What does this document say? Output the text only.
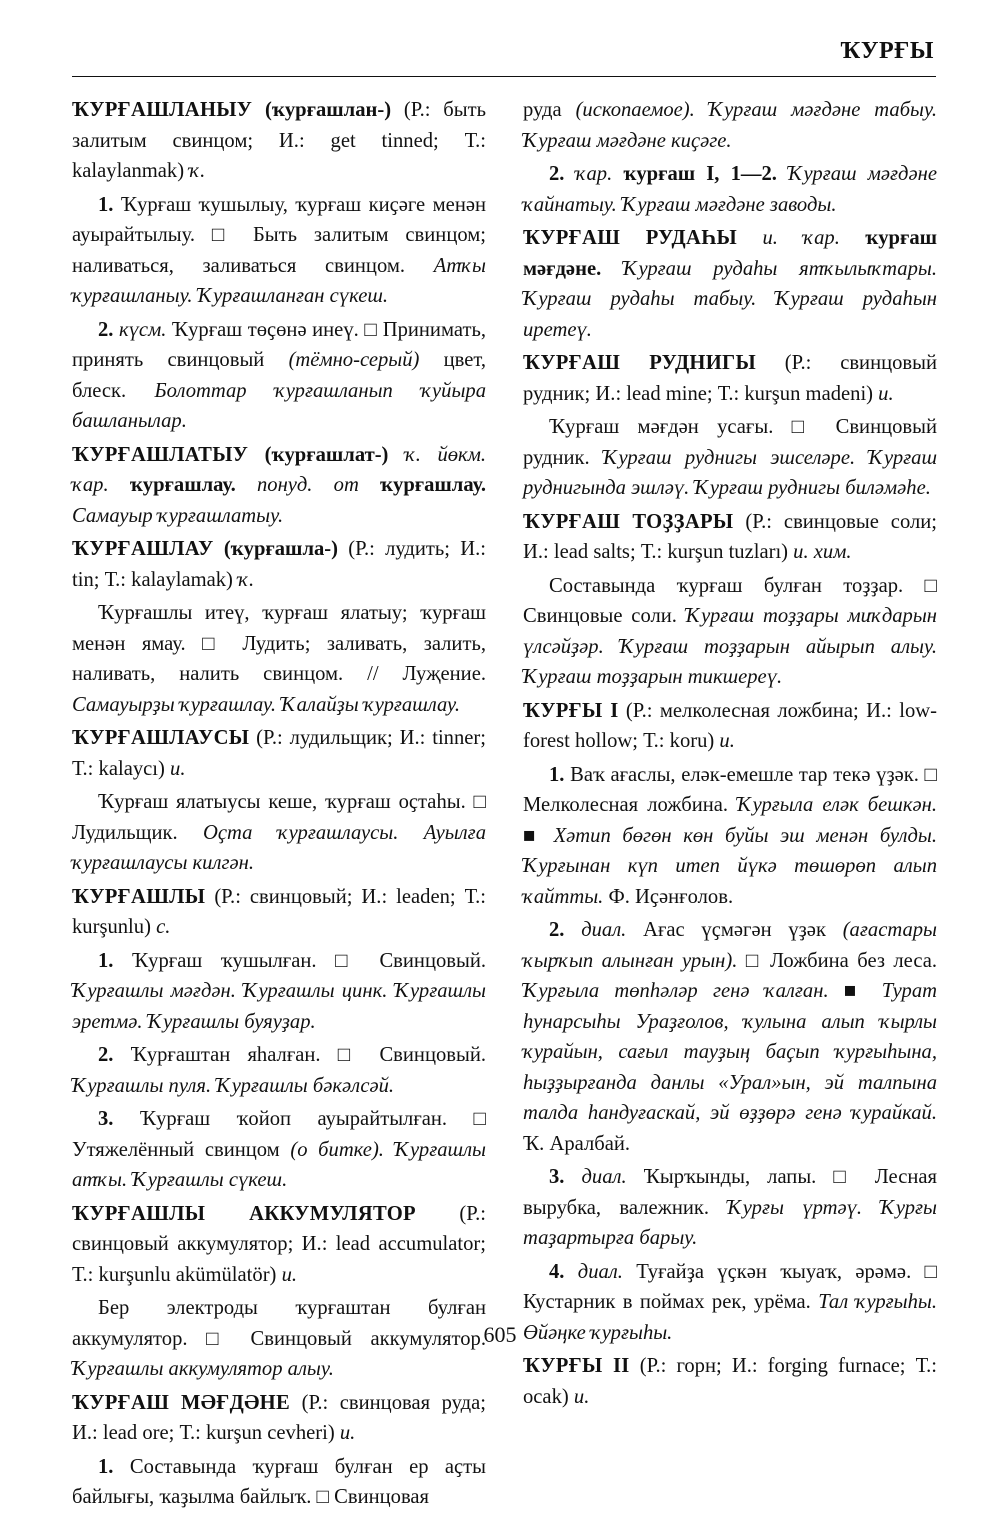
ҠУРҒЫ

ҠУРҒАШЛАНЫУ (ҡурғашлан-) (Р.: быть залитым свинцом; И.: get tinned; Т.: kalaylanmak) ҡ.

1. Ҡурғаш ҡушылыу, ҡурғаш киҫәге менән ауырайтылыу. □ Быть залитым свинцом; наливаться, заливаться свинцом. Атҡы ҡурғашланыу. Ҡурғашланған сүкеш.

2. күсм. Ҡурғаш төҫөнә инеү. □ Принимать, принять свинцовый (тёмно-серый) цвет, блеск. Болоттар ҡурғашланып ҡуйыра башланылар.

ҠУРҒАШЛАТЫУ (ҡурғашлат-) ҡ. йөкм. ҡар. ҡурғашлау. понуд. от ҡурғашлау. Самауыр ҡурғашлатыу.

ҠУРҒАШЛАУ (ҡурғашла-) (Р.: лудить; И.: tin; Т.: kalaylamak) ҡ.

Ҡурғашлы итеү, ҡурғаш ялатыу; ҡурғаш менән ямау. □ Лудить; заливать, залить, наливать, налить свинцом. // Луҗение. Самауырҙы ҡурғашлау. Ҡалайҙы ҡурғашлау.

ҠУРҒАШЛАУСЫ (Р.: лудильщик; И.: tinner; Т.: kalaycı) и.

Ҡурғаш ялатыусы кеше, ҡурғаш оҫтаһы. □ Лудильщик. Оҫта ҡурғашлаусы. Ауылға ҡурғашлаусы килгән.

ҠУРҒАШЛЫ (Р.: свинцовый; И.: leaden; Т.: kurşunlu) с.

1. Ҡурғаш ҡушылған. □ Свинцовый. Ҡурғашлы мәғдән. Ҡурғашлы цинк. Ҡурғашлы эретмә. Ҡурғашлы буяуҙар.

2. Ҡурғаштан яһалған. □ Свинцовый. Ҡурғашлы пуля. Ҡурғашлы бәкәлсәй.

3. Ҡурғаш ҡойоп ауырайтылған. □ Утяжелённый свинцом (о битке). Ҡурғашлы атҡы. Ҡурғашлы сүкеш.

ҠУРҒАШЛЫ АККУМУЛЯТОР (Р.: свинцовый аккумулятор; И.: lead accumulator; Т.: kurşunlu akümülatör) и.

Бер электроды ҡурғаштан булған аккумулятор. □ Свинцовый аккумулятор. Ҡурғашлы аккумулятор алыу.

ҠУРҒАШ МӘҒДӘНЕ (Р.: свинцовая руда; И.: lead ore; Т.: kurşun cevheri) и.

1. Составында ҡурғаш булған ер аҫты байлығы, ҡаҙылма байлыҡ. □ Свинцовая

руда (ископаемое). Ҡурғаш мәғдәне табыу. Ҡурғаш мәғдәне киҫәге.

2. ҡар. ҡурғаш I, 1—2. Ҡурғаш мәғдәне ҡайнатыу. Ҡурғаш мәғдәне заводы.

ҠУРҒАШ РУДАҺЫ и. ҡар. ҡурғаш мәғдәне. Ҡурғаш рудаһы ятҡылыҡтары. Ҡурғаш рудаһы табыу. Ҡурғаш рудаһын иретеү.

ҠУРҒАШ РУДНИГЫ (Р.: свинцовый рудник; И.: lead mine; Т.: kurşun madeni) и.

Ҡурғаш мәғдән усағы. □ Свинцовый рудник. Ҡурғаш руднигы эшселәре. Ҡурғаш руднигында эшләү. Ҡурғаш руднигы биләмәһе.

ҠУРҒАШ ТОҘҘАРЫ (Р.: свинцовые соли; И.: lead salts; Т.: kurşun tuzları) и. хим.

Составында ҡурғаш булған тоҙҙар. □ Свинцовые соли. Ҡурғаш тоҙҙары миҡдарын үлсәйҙәр. Ҡурғаш тоҙҙарын айырып алыу. Ҡурғаш тоҙҙарын тикшереү.

ҠУРҒЫ I (Р.: мелколесная ложбина; И.: low-forest hollow; Т.: koru) и.

1. Ваҡ ағаслы, еләк-емешле тар текә үҙәк. □ Мелколесная ложбина. Ҡурғыла еләк бешкән. ■ Хәтип бөгөн көн буйы эш менән булды. Ҡурғынан күп итеп йүкә төшөрөп алып ҡайтты. Ф. Иҫәнғолов.

2. диал. Ағас үҫмәгән үҙәк (ағастары ҡырҡып алынған урын). □ Ложбина без леса. Ҡурғыла төпһәләр генә ҡалған. ■ Турат һунарсыһы Ураҙғолов, ҡулына алып ҡырлы ҡурайын, сағыл тауҙың баҫып ҡурғыһына, һыҙҙырғанда данлы «Урал»ын, эй талпына талда һандуғаскай, эй өҙҙөрә генә ҡурайкай. Ҡ. Аралбай.

3. диал. Ҡырҡынды, лапы. □ Лесная вырубка, валежник. Ҡурғы үртәү. Ҡурғы таҙартырға барыу.

4. диал. Туғайҙа үҫкән ҡыуаҡ, әрәмә. □ Кустарник в поймах рек, урёма. Тал ҡурғыһы. Өйәңке ҡурғыһы.

ҠУРҒЫ II (Р.: горн; И.: forging furnace; Т.: ocak) и.

605
